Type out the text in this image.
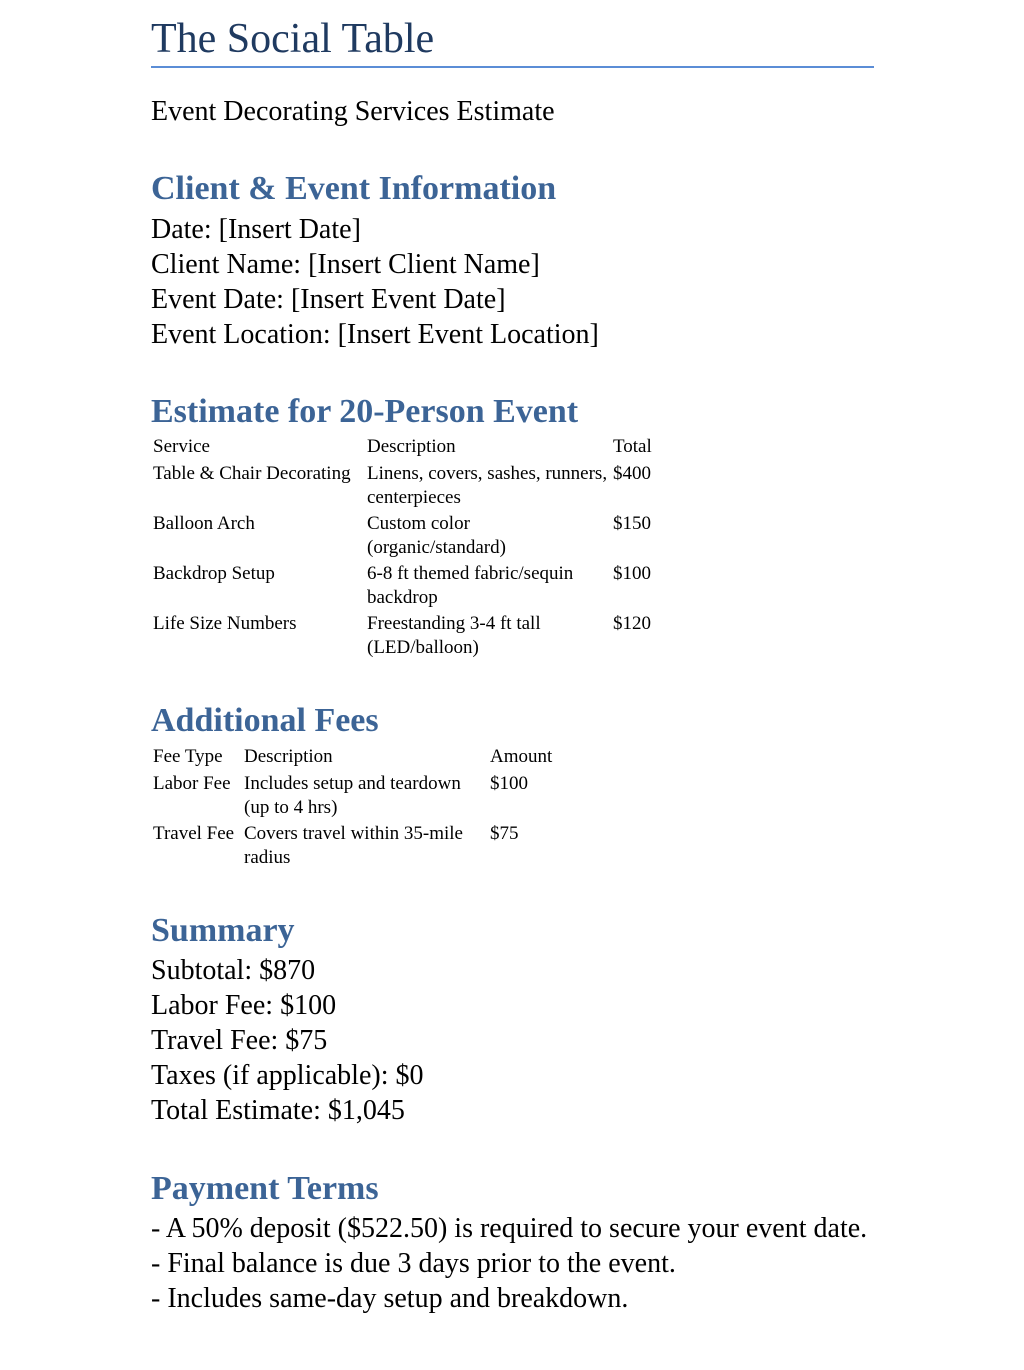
The Social Table

Event Decorating Services Estimate

Client & Event Information
Date: [Insert Date]
Client Name: [Insert Client Name]
Event Date: [Insert Event Date]
Event Location: [Insert Event Location]
Estimate for 20-Person Event
Service	Description	Total
Table & Chair Decorating	Linens, covers, sashes, runners, centerpieces	$400
Balloon Arch	Custom color (organic/standard)	$150
Backdrop Setup	6-8 ft themed fabric/sequin backdrop	$100
Life Size Numbers	Freestanding 3-4 ft tall (LED/balloon)	$120
Additional Fees
Fee Type	Description	Amount
Labor Fee	Includes setup and teardown (up to 4 hrs)	$100
Travel Fee	Covers travel within 35-mile radius	$75
Summary
Subtotal: $870
Labor Fee: $100
Travel Fee: $75
Taxes (if applicable): $0
Total Estimate: $1,045
Payment Terms
- A 50% deposit ($522.50) is required to secure your event date.
- Final balance is due 3 days prior to the event.
- Includes same-day setup and breakdown.
